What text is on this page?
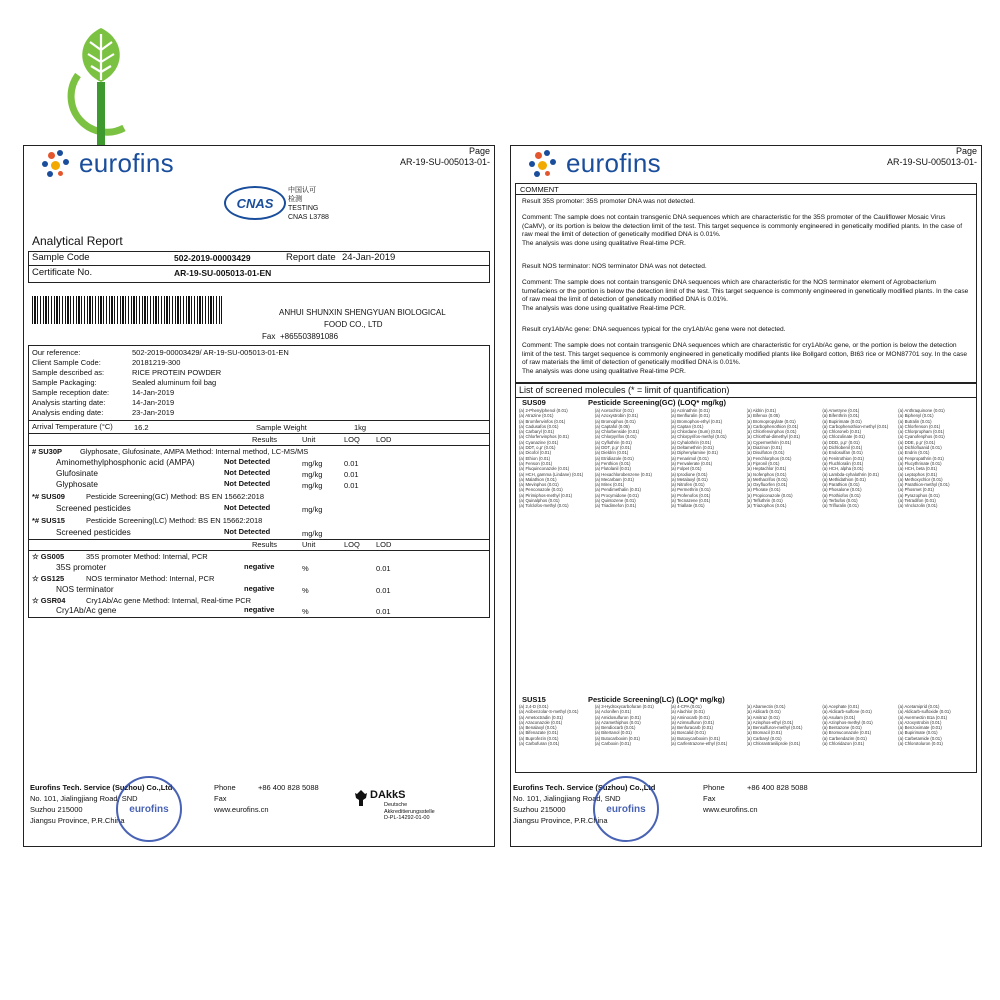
eurofins	Page
AR-19-SU-005013-01-
CNAS
中国认可
检测
TESTING
CNAS L3788
Analytical Report
Sample Code	502-2019-00003429	Report date 24-Jan-2019
Certificate No.	AR-19-SU-005013-01-EN
ANHUI SHUNXIN SHENGYUAN BIOLOGICAL
FOOD CO., LTD
Fax +865503891086
Our reference:	502-2019-00003429/ AR-19-SU-005013-01-EN
Client Sample Code:	20181219-300
Sample described as:	RICE PROTEIN POWDER
Sample Packaging:	Sealed aluminum foil bag
Sample reception date:	14-Jan-2019
Analysis starting date:	14-Jan-2019
Analysis ending date:	23-Jan-2019
Arrival Temperature (°C)	16.2	Sample Weight	1kg
Results	Unit	LOQ LOD
# SU30P Glyphosate, Glufosinate, AMPA Method: Internal method, LC-MS/MS
Aminomethylphosphonic acid (AMPA)	Not Detected	mg/kg	0.01
Glufosinate	Not Detected	mg/kg	0.01
Glyphosate	Not Detected	mg/kg	0.01
*# SUS09	Pesticide Screening(GC) Method: BS EN 15662:2018
Screened pesticides	Not Detected	mg/kg
*# SUS15	Pesticide Screening(LC) Method: BS EN 15662:2018
Screened pesticides	Not Detected	mg/kg
Results	Unit	LOQ LOD
☆ GS005	35S promoter Method: Internal, PCR
35S promoter	negative	%	0.01
☆ GS125	NOS terminator Method: Internal, PCR
NOS terminator	negative	%	0.01
☆ GSR04	Cry1Ab/Ac gene Method: Internal, Real-time PCR
Cry1Ab/Ac gene	negative	%	0.01
Eurofins Tech. Service (Suzhou) Co.,Ltd
No. 101, Jialingjiang Road, SND
Suzhou 215000
Jiangsu Province, P.R.China
eurofins
Phone	+86 400 828 5088
Fax
www.eurofins.cn
DAkkS
Deutsche
Akkreditierungsstelle
D-PL-14292-01-00
eurofins	Page
AR-19-SU-005013-01-
COMMENT
Result 35S promoter: 35S promoter DNA was not detected.
Comment: The sample does not contain transgenic DNA sequences which are characteristic for the 35S promoter of the Cauliflower Mosaic Virus (CaMV), or its portion is below the detection limit of the test. This target sequence is commonly engineered in genetically modified plants. In the case of raw meal the limit of detection of genetically modified DNA is 0.01%.
The analysis was done using qualitative Real-time PCR.
Result NOS terminator: NOS terminator DNA was not detected.
Comment: The sample does not contain transgenic DNA sequences which are characteristic for the NOS terminator element of Agrobacterium tumefaciens or the portion is below the detection limit of the test. This target sequence is commonly engineered in genetically modified plants. In the case of raw meal the limit of detection of genetically modified DNA is 0.01%.
The analysis was done using qualitative Real-time PCR.
Result cry1Ab/Ac gene: DNA sequences typical for the cry1Ab/Ac gene were not detected.
Comment: The sample does not contain transgenic DNA sequences which are characteristic for cry1Ab/Ac gene, or the portion is below the detection limit of the test. This target sequence is commonly engineered in genetically modified plants like Bollgard cotton, Bt63 rice or MON87701 soy. In the case of raw materials the limit of detection of genetically modified DNA is 0.01%.
The analysis was done using qualitative Real-time PCR.
List of screened molecules (* = limit of quantification)
SUS09	Pesticide Screening(GC) (LOQ* mg/kg)
(a) 2-Phenylphenol (0.01)	(a) Acetochlor (0.01)	(a) Acrinathrin (0.01)	(a) Aldrin (0.01)	(a) Ametryne (0.01)	(a) Anthraquinone (0.01)
(a) Atrazine (0.01)	(a) Azoxystrobin (0.01)	(a) Benfluralin (0.01)	(a) Bifenox (0.05)	(a) Bifenthrin (0.01)	(a) Biphenyl (0.01)
(a) Bromfenvinfos (0.01)	(a) Bromophos (0.01)	(a) Bromophos-ethyl (0.01)	(a) Bromopropylate (0.01)	(a) Bupirimate (0.01)	(a) Butralin (0.01)
(a) Cadusafos (0.01)	(a) Captafol (0.05)	(a) Captan (0.01)	(a) Carbophenothion (0.01)	(a) Carbophenothion-methyl (0.01)	(a) Chlorfenson (0.01)
(a) Carbaryl (0.01)	(a) Chlorbenside (0.01)	(a) Chlordane (Sum) (0.01)	(a) Chlorfenvinphos (0.01)	(a) Chloroneb (0.01)	(a) Chlorpropham (0.01)
(a) Chlorfenvinphos (0.01)	(a) Chlorpyrifos (0.01)	(a) Chlorpyrifos-methyl (0.01)	(a) Chlorthal-dimethyl (0.01)	(a) Chlozolinate (0.01)	(a) Cyanofenphos (0.01)
(a) Cyanazine (0.01)	(a) Cyfluthrin (0.01)	(a) Cyhalothrin (0.01)	(a) Cypermethrin (0.01)	(a) DDD, p,p' (0.01)	(a) DDE, p,p' (0.01)
(a) DDT, o,p' (0.01)	(a) DDT, p,p' (0.01)	(a) Deltamethrin (0.01)	(a) Diazinon (0.01)	(a) Dichlobenil (0.01)	(a) Dichlofluanid (0.01)
(a) Dicofol (0.01)	(a) Dieldrin (0.01)	(a) Diphenylamine (0.01)	(a) Disulfoton (0.01)	(a) Endosulfan (0.01)	(a) Endrin (0.01)
(a) Ethion (0.01)	(a) Etridiazole (0.01)	(a) Fenarimol (0.01)	(a) Fenchlorphos (0.01)	(a) Fenitrothion (0.01)	(a) Fenpropathrin (0.01)
(a) Fenson (0.01)	(a) Fenthion (0.01)	(a) Fenvalerate (0.01)	(a) Fipronil (0.01)	(a) Fluchloralin (0.01)	(a) Flucythrinate (0.01)
(a) Fluquinconazole (0.01)	(a) Flutolanil (0.01)	(a) Folpet (0.01)	(a) Heptachlor (0.01)	(a) HCH, alpha (0.01)	(a) HCH, beta (0.01)
(a) HCH, gamma (Lindane) (0.01)	(a) Hexachlorobenzene (0.01)	(a) Iprodione (0.01)	(a) Isofenphos (0.01)	(a) Lambda-cyhalothrin (0.01)	(a) Leptophos (0.01)
(a) Malathion (0.01)	(a) Mecarbam (0.01)	(a) Metalaxyl (0.01)	(a) Methacrifos (0.01)	(a) Methidathion (0.01)	(a) Methoxychlor (0.01)
(a) Mevinphos (0.01)	(a) Mirex (0.01)	(a) Nitrofen (0.01)	(a) Oxyfluorfen (0.01)	(a) Parathion (0.01)	(a) Parathion-methyl (0.01)
(a) Penconazole (0.01)	(a) Pendimethalin (0.01)	(a) Permethrin (0.01)	(a) Phorate (0.01)	(a) Phosalone (0.01)	(a) Phosmet (0.01)
(a) Pirimiphos-methyl (0.01)	(a) Procymidone (0.01)	(a) Profenofos (0.01)	(a) Propiconazole (0.01)	(a) Prothiofos (0.01)	(a) Pyrazophos (0.01)
(a) Quinalphos (0.01)	(a) Quintozene (0.01)	(a) Tecnazene (0.01)	(a) Tefluthrin (0.01)	(a) Terbufos (0.01)	(a) Tetradifon (0.01)
(a) Tolclofos-methyl (0.01)	(a) Triadimefon (0.01)	(a) Triallate (0.01)	(a) Triazophos (0.01)	(a) Trifluralin (0.01)	(a) Vinclozolin (0.01)
SUS15	Pesticide Screening(LC) (LOQ* mg/kg)
(a) 2,4-D (0.01)	(a) 3-Hydroxycarbofuran (0.01)	(a) 4-CPA (0.01)	(a) Abamectin (0.01)	(a) Acephate (0.01)	(a) Acetamiprid (0.01)
(a) Acibenzolar-S-methyl (0.01)	(a) Aclonifen (0.01)	(a) Alachlor (0.01)	(a) Aldicarb (0.01)	(a) Aldicarb-sulfone (0.01)	(a) Aldicarb-sulfoxide (0.01)
(a) Ametoctradin (0.01)	(a) Amidosulfuron (0.01)	(a) Aminocarb (0.01)	(a) Amitraz (0.01)	(a) Asulam (0.01)	(a) Avermectin B1a (0.01)
(a) Azaconazole (0.01)	(a) Azamethiphos (0.01)	(a) Azimsulfuron (0.01)	(a) Azinphos-ethyl (0.01)	(a) Azinphos-methyl (0.01)	(a) Azoxystrobin (0.01)
(a) Benalaxyl (0.01)	(a) Bendiocarb (0.01)	(a) Benfuracarb (0.01)	(a) Bensulfuron-methyl (0.01)	(a) Bentazone (0.01)	(a) Benzoximate (0.01)
(a) Bifenazate (0.01)	(a) Bitertanol (0.01)	(a) Boscalid (0.01)	(a) Bromacil (0.01)	(a) Bromuconazole (0.01)	(a) Bupirimate (0.01)
(a) Buprofezin (0.01)	(a) Butocarboxim (0.01)	(a) Butoxycarboxim (0.01)	(a) Carbaryl (0.01)	(a) Carbendazim (0.01)	(a) Carbetamide (0.01)
(a) Carbofuran (0.01)	(a) Carboxin (0.01)	(a) Carfentrazone-ethyl (0.01)	(a) Chlorantraniliprole (0.01)	(a) Chloridazon (0.01)	(a) Chlorotoluron (0.01)
Eurofins Tech. Service (Suzhou) Co.,Ltd
No. 101, Jialingjiang Road, SND
Suzhou 215000
Jiangsu Province, P.R.China
eurofins
Phone	+86 400 828 5088
Fax
www.eurofins.cn
